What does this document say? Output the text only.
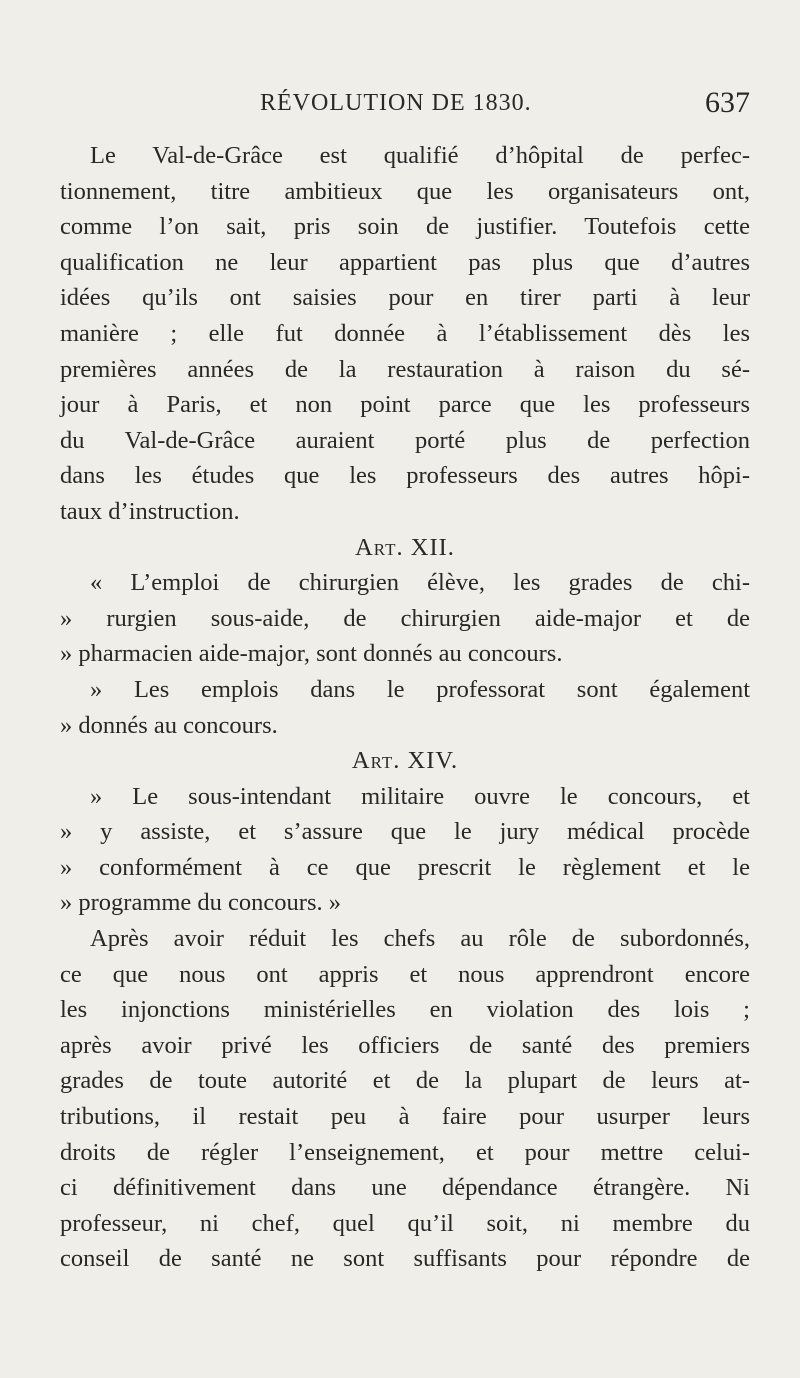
RÉVOLUTION DE 1830.	637

Le Val-de-Grâce est qualifié d’hôpital de perfec-

tionnement, titre ambitieux que les organisateurs ont,

comme l’on sait, pris soin de justifier. Toutefois cette

qualification ne leur appartient pas plus que d’autres

idées qu’ils ont saisies pour en tirer parti à leur

manière ; elle fut donnée à l’établissement dès les

premières années de la restauration à raison du sé-

jour à Paris, et non point parce que les professeurs

du Val-de-Grâce auraient porté plus de perfection

dans les études que les professeurs des autres hôpi-

taux d’instruction.

Art. XII.

« L’emploi de chirurgien élève, les grades de chi-

» rurgien sous-aide, de chirurgien aide-major et de

» pharmacien aide-major, sont donnés au concours.

» Les emplois dans le professorat sont également

» donnés au concours.

Art. XIV.

» Le sous-intendant militaire ouvre le concours, et

» y assiste, et s’assure que le jury médical procède

» conformément à ce que prescrit le règlement et le

» programme du concours. »

Après avoir réduit les chefs au rôle de subordonnés,

ce que nous ont appris et nous apprendront encore

les injonctions ministérielles en violation des lois ;

après avoir privé les officiers de santé des premiers

grades de toute autorité et de la plupart de leurs at-

tributions, il restait peu à faire pour usurper leurs

droits de régler l’enseignement, et pour mettre celui-

ci définitivement dans une dépendance étrangère. Ni

professeur, ni chef, quel qu’il soit, ni membre du

conseil de santé ne sont suffisants pour répondre de
